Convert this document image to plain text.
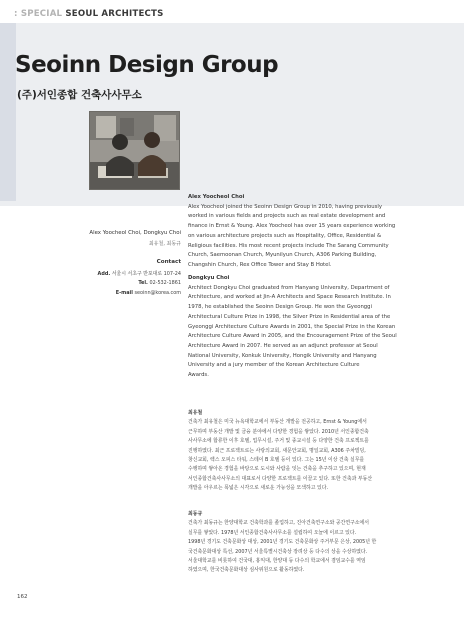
: SPECIAL SEOUL ARCHITECTS
Seoinn Design Group
(주)서인종합 건축사사무소
Alex Yoocheol Choi, Dongkyu Choi
최유철, 최동규
Contact
Add. 서울시 서초구 반포대로 107-24
Tel. 02-532-1861
E-mail seoinn@korea.com
Alex Yoocheol Choi
Alex Yoocheol joined the Seoinn Design Group in 2010, having previously
worked in various fields and projects such as real estate development and
finance in Ernst & Young. Alex Yoocheol has over 15 years experience working
on various architecture projects such as Hospitality, Office, Residential &
Religious facilities. His most recent projects include The Sarang Community
Church, Saemoonan Church, Myunilyun Church, A306 Parking Building,
Changshin Church, Rex Office Tower and Stay B Hotel.
Dongkyu Choi
Architect Dongkyu Choi graduated from Hanyang University, Department of
Architecture, and worked at Jin-A Architects and Space Research Institute. In
1978, he established the Seoinn Design Group. He won the Gyeonggi
Architectural Culture Prize in 1998, the Silver Prize in Residential area of the
Gyeonggi Architecture Culture Awards in 2001, the Special Prize in the Korean
Architecture Culture Award in 2005, and the Encouragement Prize of the Seoul
Architecture Award in 2007. He served as an adjunct professor at Seoul
National University, Konkuk University, Hongik University and Hanyang
University and a jury member of the Korean Architecture Culture
Awards.
최유철
건축가 최유철은 미국 뉴욕대학교에서 부동산 개발을 전공하고, Ernst & Young에서
근무하며 부동산 개발 및 금융 분야에서 다양한 경험을 쌓았다. 2010년 서인종합건축
사사무소에 합류한 이후 호텔, 업무시설, 주거 및 종교시설 등 다양한 건축 프로젝트를
진행하였다. 최근 프로젝트로는 사랑의교회, 새문안교회, 명일교회, A306 주차빌딩,
창신교회, 렉스 오피스 타워, 스테이 B 호텔 등이 있다. 그는 15년 이상 건축 실무를
수행하며 쌓아온 경험을 바탕으로 도시와 사람을 잇는 건축을 추구하고 있으며, 현재
서인종합건축사사무소의 대표로서 다양한 프로젝트를 이끌고 있다. 또한 건축과 부동산
개발을 아우르는 폭넓은 시각으로 새로운 가능성을 모색하고 있다.
최동규
건축가 최동규는 한양대학교 건축학과를 졸업하고, 진아건축연구소와 공간연구소에서
실무를 쌓았다. 1978년 서인종합건축사사무소를 설립하여 오늘에 이르고 있다.
1998년 경기도 건축문화상 대상, 2001년 경기도 건축문화상 주거부문 은상, 2005년 한
국건축문화대상 특선, 2007년 서울특별시건축상 장려상 등 다수의 상을 수상하였다.
서울대학교를 비롯하여 건국대, 홍익대, 한양대 등 다수의 학교에서 겸임교수를 역임
하였으며, 한국건축문화대상 심사위원으로 활동하였다.
162
